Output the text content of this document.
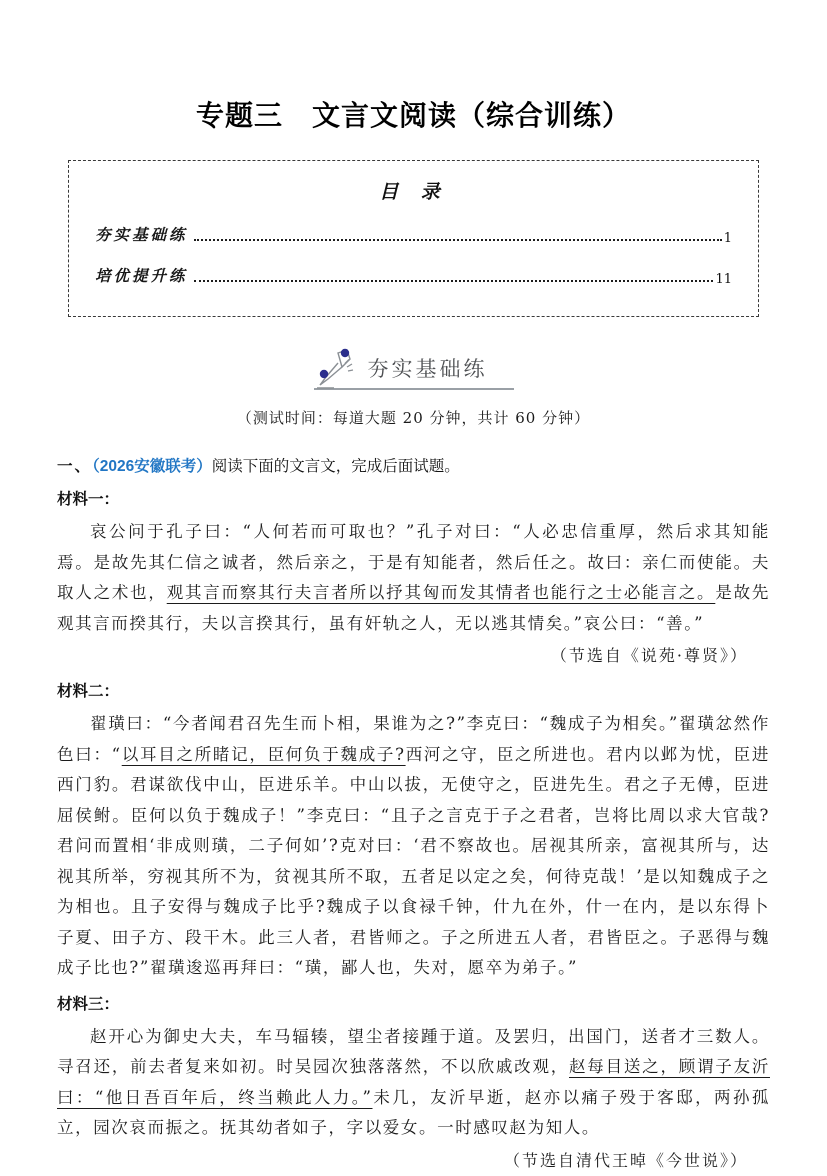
专题三　文言文阅读（综合训练）
目 录
夯实基础练	1
培优提升练	11
夯实基础练
（测试时间：每道大题 20 分钟，共计 60 分钟）
一、（2026安徽联考）阅读下面的文言文，完成后面试题。
材料一：

哀公问于孔子曰：“人何若而可取也？”孔子对曰：“人必忠信重厚，然后求其知能焉。是故先其仁信之诚者，然后亲之，于是有知能者，然后任之。故曰：亲仁而使能。夫取人之术也，观其言而察其行夫言者所以抒其匈而发其情者也能行之士必能言之。是故先观其言而揆其行，夫以言揆其行，虽有奸轨之人，无以逃其情矣。”哀公曰：“善。”

（节选自《说苑·尊贤》）
材料二：

翟璜曰：“今者闻君召先生而卜相，果谁为之?”李克曰：“魏成子为相矣。”翟璜忿然作色曰：“以耳目之所睹记，臣何负于魏成子?西河之守，臣之所进也。君内以邺为忧，臣进西门豹。君谋欲伐中山，臣进乐羊。中山以拔，无使守之，臣进先生。君之子无傅，臣进屈侯鲋。臣何以负于魏成子！”李克曰：“且子之言克于子之君者，岂将比周以求大官哉?君问而置相‘非成则璜，二子何如’?克对曰：‘君不察故也。居视其所亲，富视其所与，达视其所举，穷视其所不为，贫视其所不取，五者足以定之矣，何待克哉！’是以知魏成子之为相也。且子安得与魏成子比乎?魏成子以食禄千钟，什九在外，什一在内，是以东得卜子夏、田子方、段干木。此三人者，君皆师之。子之所进五人者，君皆臣之。子恶得与魏成子比也?”翟璜逡巡再拜曰：“璜，鄙人也，失对，愿卒为弟子。”

材料三：

赵开心为御史大夫，车马辐辏，望尘者接踵于道。及罢归，出国门，送者才三数人。寻召还，前去者复来如初。时吴园次独落落然，不以欣戚改观，赵每目送之，顾谓子友沂曰：“他日吾百年后，终当赖此人力。”未几，友沂早逝，赵亦以痛子殁于客邸，两孙孤立，园次哀而振之。抚其幼者如子，字以爱女。一时感叹赵为知人。

（节选自清代王晫《今世说》）
